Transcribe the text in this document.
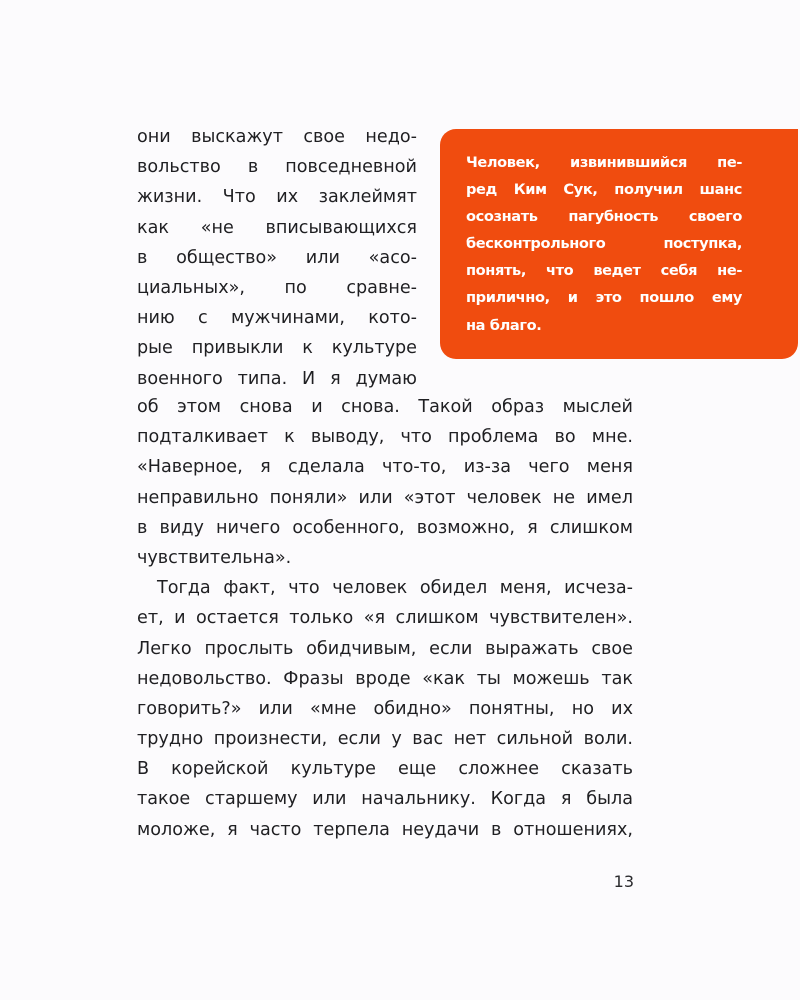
они выскажут свое недо-
вольство в повседневной
жизни. Что их заклеймят
как «не вписывающихся
в общество» или «асо-
циальных», по сравне-
нию с мужчинами, кото-
рые привыкли к культуре
военного типа. И я думаю
Человек, извинившийся пе-
ред Ким Сук, получил шанс
осознать пагубность своего
бесконтрольного поступка,
понять, что ведет себя не-
прилично, и это пошло ему
на благо.
об этом снова и снова. Такой образ мыслей
подталкивает к выводу, что проблема во мне.
«Наверное, я сделала что-то, из-за чего меня
неправильно поняли» или «этот человек не имел
в виду ничего особенного, возможно, я слишком
чувствительна».
Тогда факт, что человек обидел меня, исчеза-
ет, и остается только «я слишком чувствителен».
Легко прослыть обидчивым, если выражать свое
недовольство. Фразы вроде «как ты можешь так
говорить?» или «мне обидно» понятны, но их
трудно произнести, если у вас нет сильной воли.
В корейской культуре еще сложнее сказать
такое старшему или начальнику. Когда я была
моложе, я часто терпела неудачи в отношениях,
13
